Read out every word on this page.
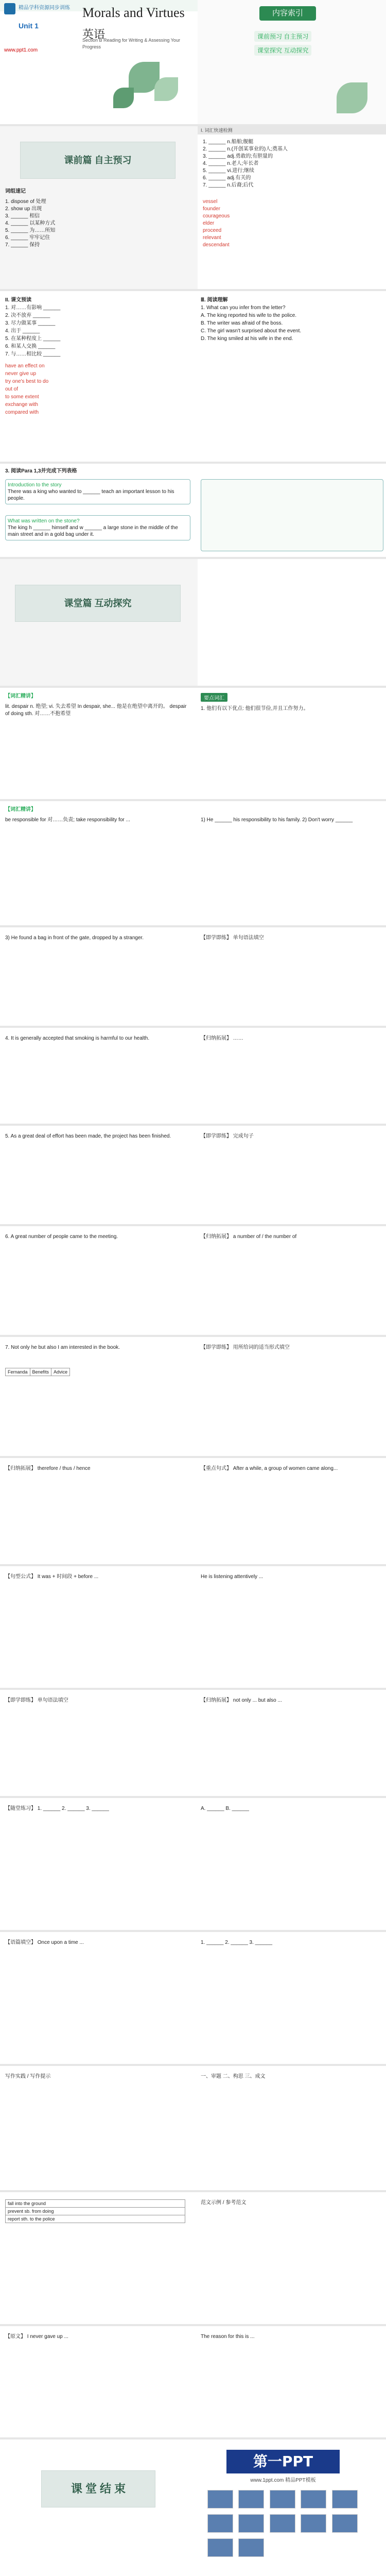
精品学科资源同步训练 Morals and Virtues
Unit 1
英语
Section B Reading for Writing & Assessing Your Progress
www.ppt1.com
内容索引
课前预习 自主预习
课堂探究 互动探究
课前篇 自主预习
词组速记
1. dispose of 处理
2. show up 出现
3. ______ 相信
4. ______ 以某种方式
5. ______ 为……所知
6. ______ 牢牢记住
7. ______ 保持
I. 词汇快速检测
1. ______ n.船舶;舰艇
2. ______ n.(开创某事业的)人;奠基人
3. ______ adj.勇敢的;有胆量的
4. ______ n.老人;年长者
5. ______ vi.进行;继续
6. ______ adj.有关的
7. ______ n.后裔;后代
vessel
founder
courageous
elder
proceed
relevant
descendant
II. 课文预读
1. 对……有影响 ______
2. 决不放弃 ______
3. 尽力做某事 ______
4. 出于 ______
5. 在某种程度上 ______
6. 和某人交换 ______
7. 与……相比较 ______
have an effect on
never give up
try one's best to do
out of
to some extent
exchange with
compared with
Ⅲ. 阅读理解
1. What can you infer from the letter?
A. The king reported his wife to the police.
B. The writer was afraid of the boss.
C. The girl wasn't surprised about the event.
D. The king smiled at his wife in the end.
3. 阅读Para 1,3并完成下列表格
Introduction to the story
There was a king who wanted to ______ teach an important lesson to his people.
What was written on the stone?
The king h ______ himself and w ______ a large stone in the middle of the main street and in a gold bag under it.
课堂篇 互动探究
【词汇精讲】
lit. despair n. 绝望; vi. 失去希望 In despair, she... 他是在绝望中离开的。 despair of doing sth. 对……不抱希望
要点词汇
1. 他们有以下优点: 他们很节俭,并且工作努力。
【词汇精讲】
be responsible for 对……负责; take responsibility for ...	1) He ______ his responsibility to his family. 2) Don't worry ______
3) He found a bag in front of the gate, dropped by a stranger.	【即学即练】 单句语法填空
4. It is generally accepted that smoking is harmful to our health.	【归纳拓展】 ……
5. As a great deal of effort has been made, the project has been finished.	【即学即练】 完成句子
6. A great number of people came to the meeting.	【归纳拓展】 a number of / the number of
7. Not only he but also I am interested in the book.	【即学即练】 用所给词的适当形式填空
Fernanda	Benefits	Advice
【归纳拓展】 therefore / thus / hence	【重点句式】 After a while, a group of women came along...
【句型公式】 It was + 时间段 + before ...	He is listening attentively ...
【即学即练】 单句语法填空	【归纳拓展】 not only ... but also ...
【随堂练习】 1. ______ 2. ______ 3. ______	A. ______ B. ______
【语篇填空】 Once upon a time ...	1. ______ 2. ______ 3. ______
写作实践 / 写作提示	一、审题 二、构思 三、成文
fall into the ground
prevent sb. from doing
report sth. to the police
范文示例 / 参考范文
【原文】 I never gave up ...	The reason for this is ...
课 堂 结 束
第一PPT
www.1ppt.com 精品PPT模板
